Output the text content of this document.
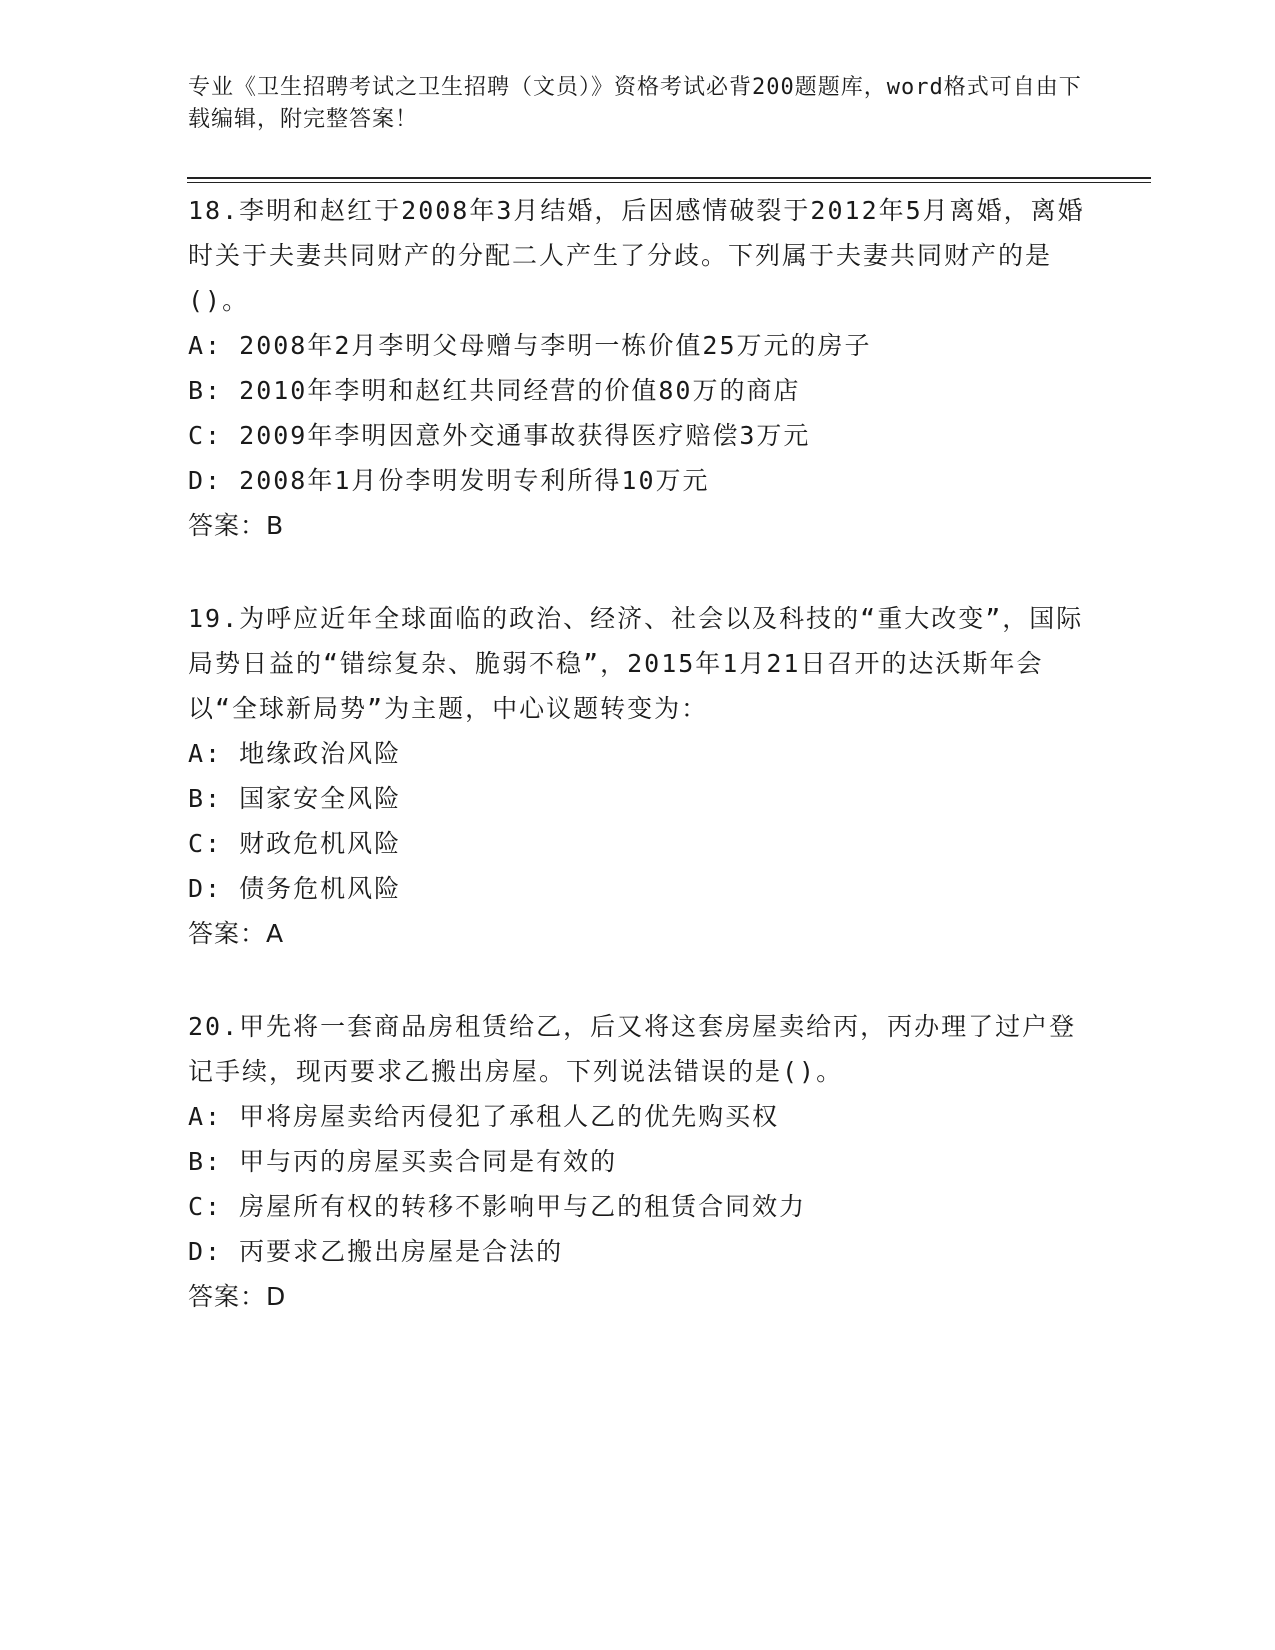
专业《卫生招聘考试之卫生招聘（文员）》资格考试必背200题题库，word格式可自由下载编辑，附完整答案！

18.李明和赵红于2008年3月结婚，后因感情破裂于2012年5月离婚，离婚时关于夫妻共同财产的分配二人产生了分歧。下列属于夫妻共同财产的是()。

A: 2008年2月李明父母赠与李明一栋价值25万元的房子

B: 2010年李明和赵红共同经营的价值80万的商店

C: 2009年李明因意外交通事故获得医疗赔偿3万元

D: 2008年1月份李明发明专利所得10万元

答案：B

19.为呼应近年全球面临的政治、经济、社会以及科技的“重大改变”，国际局势日益的“错综复杂、脆弱不稳”，2015年1月21日召开的达沃斯年会以“全球新局势”为主题，中心议题转变为：

A: 地缘政治风险

B: 国家安全风险

C: 财政危机风险

D: 债务危机风险

答案：A

20.甲先将一套商品房租赁给乙，后又将这套房屋卖给丙，丙办理了过户登记手续，现丙要求乙搬出房屋。下列说法错误的是()。

A: 甲将房屋卖给丙侵犯了承租人乙的优先购买权

B: 甲与丙的房屋买卖合同是有效的

C: 房屋所有权的转移不影响甲与乙的租赁合同效力

D: 丙要求乙搬出房屋是合法的

答案：D
